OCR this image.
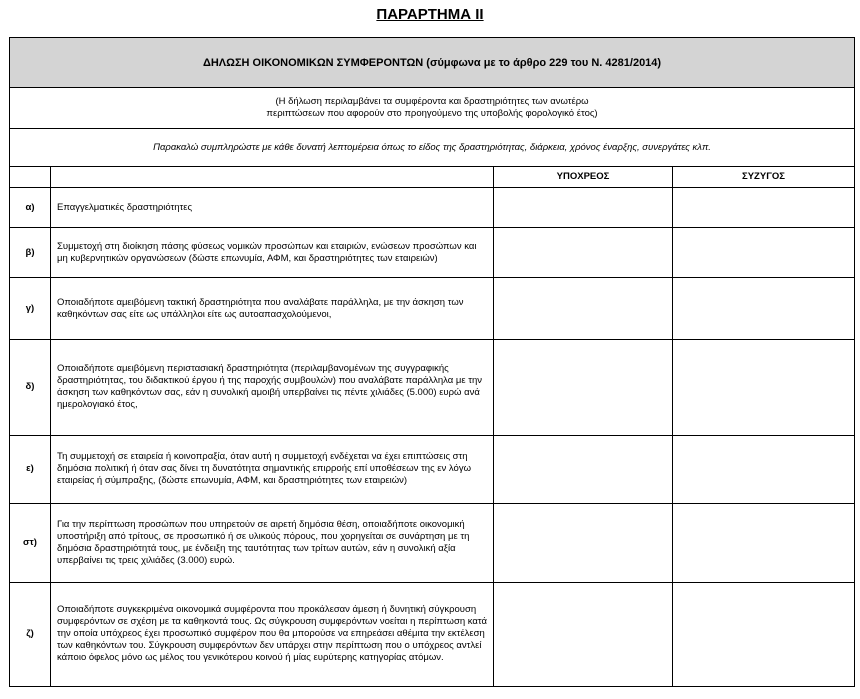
ΠΑΡΑΡΤΗΜΑ ΙΙ
ΔΗΛΩΣΗ ΟΙΚΟΝΟΜΙΚΩΝ ΣΥΜΦΕΡΟΝΤΩΝ (σύμφωνα με το άρθρο 229 του Ν. 4281/2014)			

(Η δήλωση περιλαμβάνει τα συμφέροντα και δραστηριότητες των ανωτέρω
περιπτώσεων που αφορούν στο προηγούμενο της υποβολής φορολογικό έτος)			

Παρακαλώ συμπληρώστε με κάθε δυνατή λεπτομέρεια όπως το είδος της δραστηριότητας, διάρκεια, χρόνος έναρξης, συνεργάτες κλπ.			
		ΥΠΟΧΡΕΟΣ	ΣΥΖΥΓΟΣ
α)	Επαγγελματικές δραστηριότητες		
β)	Συμμετοχή στη διοίκηση πάσης φύσεως νομικών προσώπων και εταιριών, ενώσεων προσώπων και μη κυβερνητικών οργανώσεων (δώστε επωνυμία, ΑΦΜ, και δραστηριότητες των εταιρειών)		
γ)	Οποιαδήποτε αμειβόμενη τακτική δραστηριότητα που αναλάβατε παράλληλα, με την άσκηση των καθηκόντων σας είτε ως υπάλληλοι είτε ως αυτοαπασχολούμενοι,		
δ)	Οποιαδήποτε αμειβόμενη περιστασιακή δραστηριότητα (περιλαμβανομένων της συγγραφικής δραστηριότητας, του διδακτικού έργου ή της παροχής συμβουλών) που αναλάβατε παράλληλα με την άσκηση των καθηκόντων σας, εάν η συνολική αμοιβή υπερβαίνει τις πέντε χιλιάδες (5.000) ευρώ ανά ημερολογιακό έτος,		
ε)	Τη συμμετοχή σε εταιρεία ή κοινοπραξία, όταν αυτή η συμμετοχή ενδέχεται να έχει επιπτώσεις στη δημόσια πολιτική ή όταν σας δίνει τη δυνατότητα σημαντικής επιρροής επί υποθέσεων της εν λόγω εταιρείας ή σύμπραξης, (δώστε επωνυμία, ΑΦΜ, και δραστηριότητες των εταιρειών)		
στ)	Για την περίπτωση προσώπων που υπηρετούν σε αιρετή δημόσια θέση, οποιαδήποτε οικονομική υποστήριξη από τρίτους, σε προσωπικό ή σε υλικούς πόρους, που χορηγείται σε συνάρτηση με τη δημόσια δραστηριότητά τους, με ένδειξη της ταυτότητας των τρίτων αυτών, εάν η συνολική αξία υπερβαίνει τις τρεις χιλιάδες (3.000) ευρώ.		
ζ)	Οποιαδήποτε συγκεκριμένα οικονομικά συμφέροντα που προκάλεσαν άμεση ή δυνητική σύγκρουση συμφερόντων σε σχέση με τα καθηκοντά τους. Ως σύγκρουση συμφερόντων νοείται η περίπτωση κατά την οποία υπόχρεος έχει προσωπικό συμφέρον που θα μπορούσε να επηρεάσει αθέμιτα την εκτέλεση των καθηκόντων του. Σύγκρουση συμφερόντων δεν υπάρχει στην περίπτωση που ο υπόχρεος αντλεί κάποιο όφελος μόνο ως μέλος του γενικότερου κοινού ή μίας ευρύτερης κατηγορίας ατόμων.		
